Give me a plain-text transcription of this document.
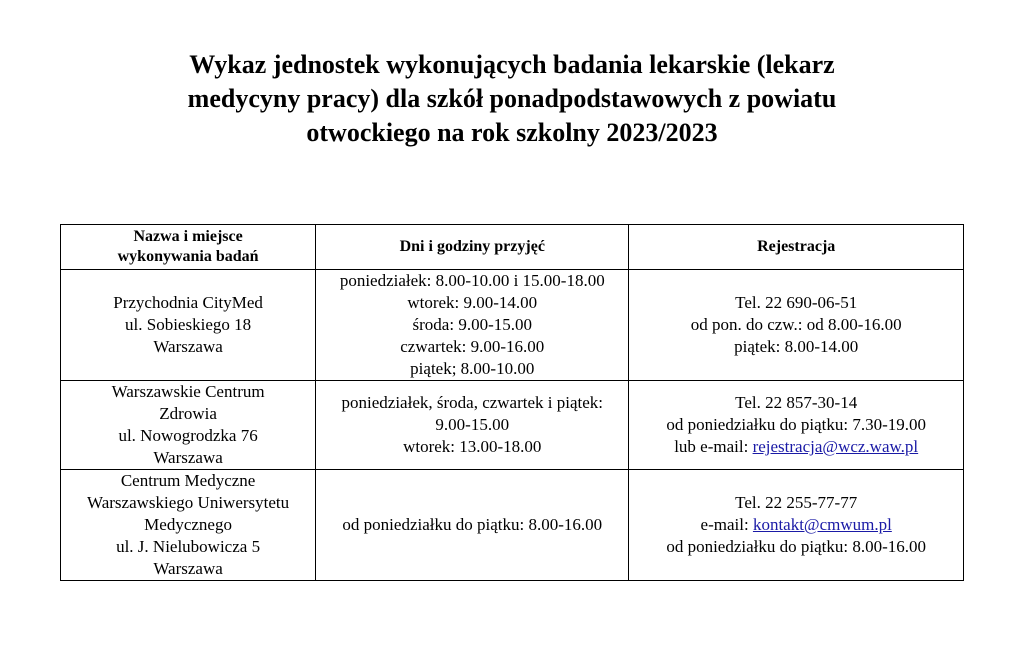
Wykaz jednostek wykonujących badania lekarskie (lekarz
medycyny pracy) dla szkół ponadpodstawowych z powiatu
otwockiego na rok szkolny 2023/2023
Nazwa i miejsce
wykonywania badań	Dni i godziny przyjęć	Rejestracja

Przychodnia CityMed
ul. Sobieskiego 18
Warszawa	poniedziałek: 8.00-10.00 i 15.00-18.00
wtorek: 9.00-14.00
środa: 9.00-15.00
czwartek: 9.00-16.00
piątek; 8.00-10.00	Tel. 22 690-06-51
od pon. do czw.: od 8.00-16.00
piątek: 8.00-14.00

Warszawskie Centrum
Zdrowia
ul. Nowogrodzka 76
Warszawa	poniedziałek, środa, czwartek i piątek:
9.00-15.00
wtorek: 13.00-18.00	Tel. 22 857-30-14
od poniedziałku do piątku: 7.30-19.00
lub e-mail: rejestracja@wcz.waw.pl

Centrum Medyczne
Warszawskiego Uniwersytetu
Medycznego
ul. J. Nielubowicza 5
Warszawa	od poniedziałku do piątku: 8.00-16.00	Tel. 22 255-77-77
e-mail: kontakt@cmwum.pl
od poniedziałku do piątku: 8.00-16.00
